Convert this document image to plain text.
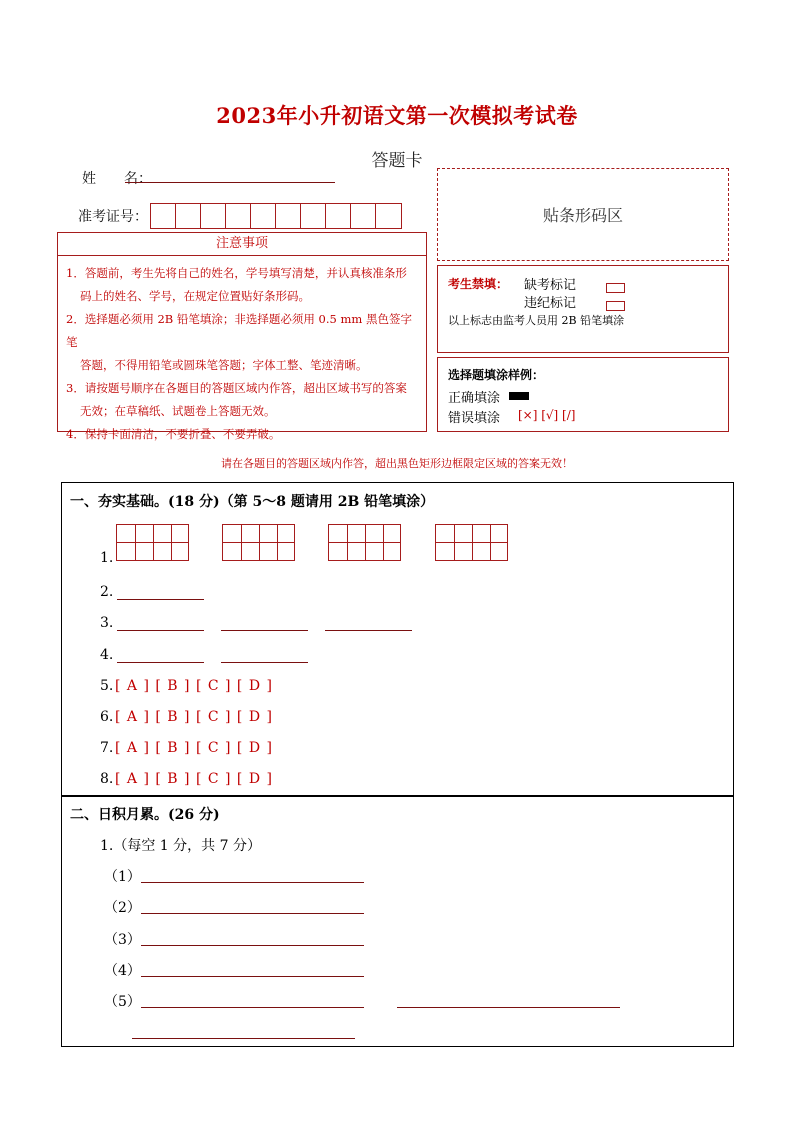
2023年小升初语文第一次模拟考试卷
答题卡
姓　　名：
准考证号：	贴条形码区
注意事项
1．答题前，考生先将自己的姓名，学号填写清楚，并认真核准条形
码上的姓名、学号，在规定位置贴好条形码。
2．选择题必须用 2B 铅笔填涂；非选择题必须用 0.5 mm 黑色签字笔
答题，不得用铅笔或圆珠笔答题；字体工整、笔迹清晰。
3．请按题号顺序在各题目的答题区域内作答，超出区域书写的答案
无效；在草稿纸、试题卷上答题无效。
4．保持卡面清洁，不要折叠、不要弄破。
考生禁填： 缺考标记
违纪标记
以上标志由监考人员用 2B 铅笔填涂
选择题填涂样例：
正确填涂
错误填涂 [×] [√] [/]
请在各题目的答题区域内作答，超出黑色矩形边框限定区域的答案无效！
一、夯实基础。(18 分)（第 5～8 题请用 2B 铅笔填涂）
1.
2.
3.
4.
5. [ A ] [ B ] [ C ] [ D ]
6. [ A ] [ B ] [ C ] [ D ]
7. [ A ] [ B ] [ C ] [ D ]
8. [ A ] [ B ] [ C ] [ D ]
二、日积月累。(26 分)
1.（每空 1 分，共 7 分）
（1）
（2）
（3）
（4）
（5）
